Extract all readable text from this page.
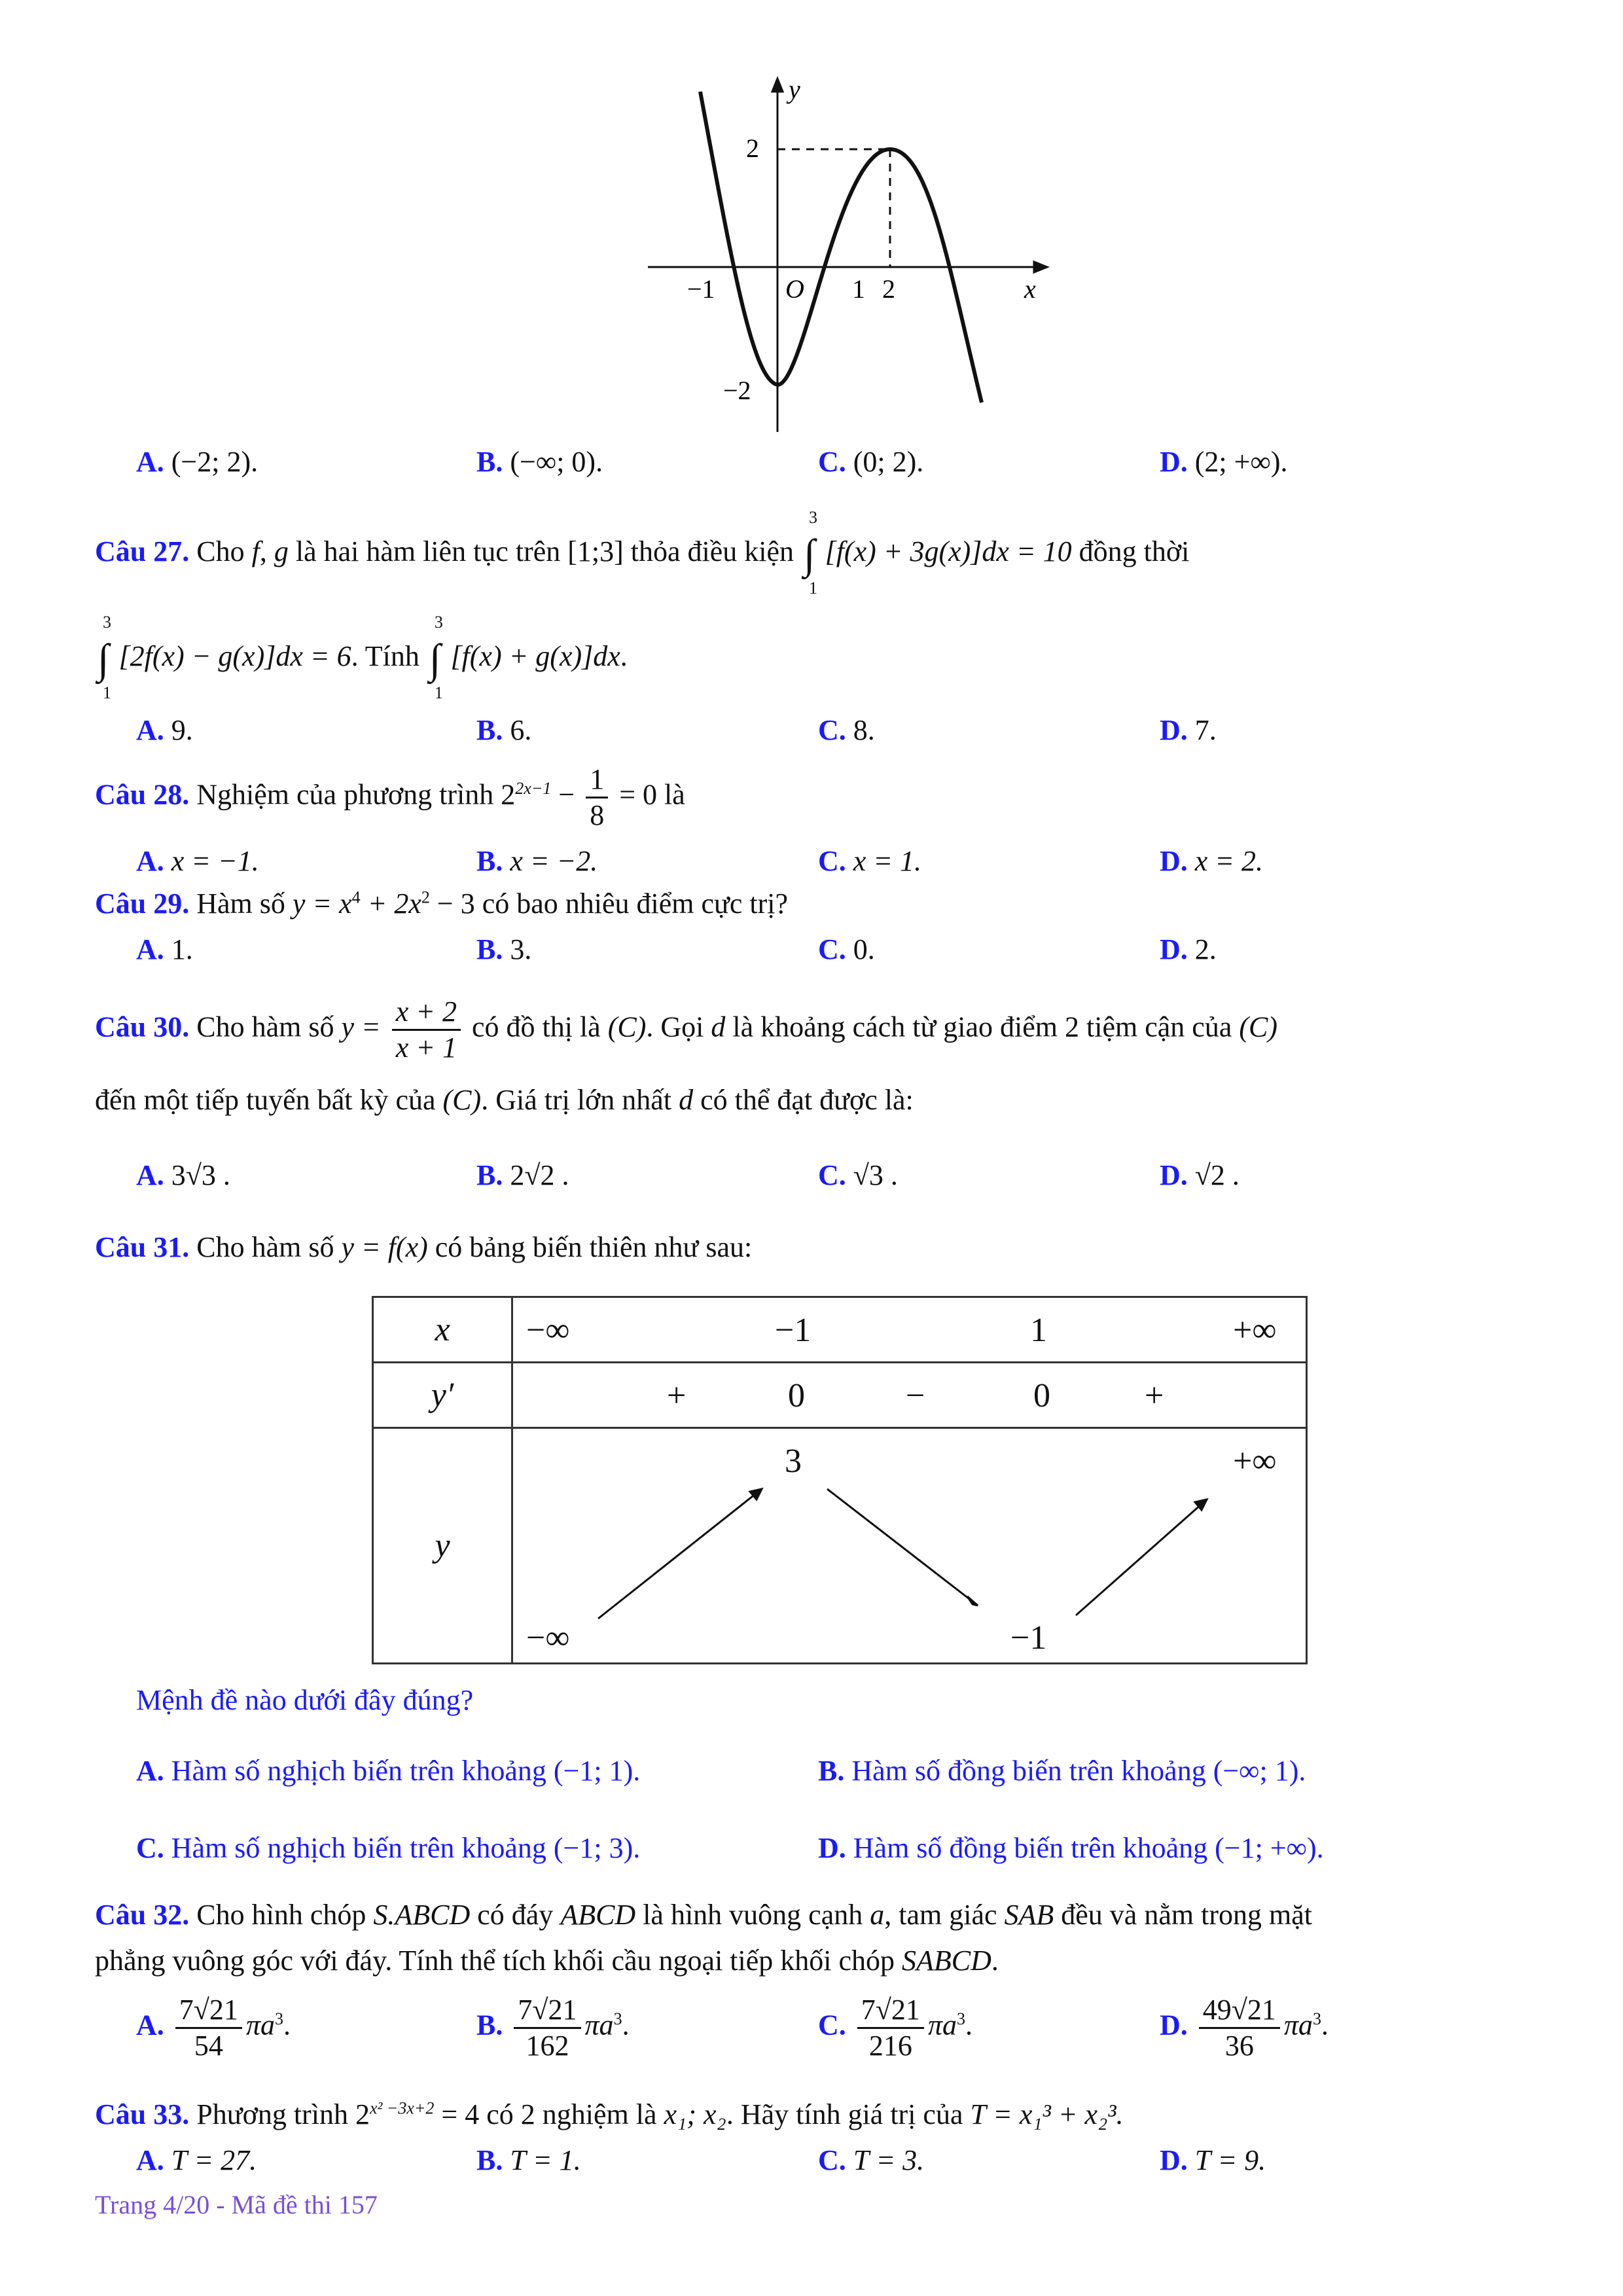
y
x
O
2
−2
−1	1 2
A. (−2; 2).	B. (−∞; 0).	C. (0; 2).	D. (2; +∞).
Câu 27. Cho f, g là hai hàm liên tục trên [1;3] thỏa điều kiện ∫
3
1
[f(x) + 3g(x)]dx = 10 đồng thời
∫
3
1
[2f(x) − g(x)]dx = 6. Tính ∫
3
1
[f(x) + g(x)]dx.
A. 9.	B. 6.	C. 8.	D. 7.
Câu 28. Nghiệm của phương trình $2^{2x-1} - \frac{1}{8} = 0$ là
A. x = −1.	B. x = −2.	C. x = 1.	D. x = 2.
Câu 29. Hàm số $y = x^4 + 2x^2 - 3$ có bao nhiêu điểm cực trị?
A. 1.	B. 3.	C. 0.	D. 2.
Câu 30. Cho hàm số $y = \frac{x + 2}{x + 1}$ có đồ thị là (C). Gọi d là khoảng cách từ giao điểm 2 tiệm cận của (C)
đến một tiếp tuyến bất kỳ của (C). Giá trị lớn nhất d có thể đạt được là:
A. 3√3 .	B. 2√2 .	C. √3 .	D. √2 .
Câu 31. Cho hàm số y = f(x) có bảng biến thiên như sau:
x	−∞ −1 1 +∞

y′	+ 0 − 0 +

y	3 +∞
−∞ −1
Mệnh đề nào dưới đây đúng?
A. Hàm số nghịch biến trên khoảng (−1; 1).	B. Hàm số đồng biến trên khoảng (−∞; 1).
C. Hàm số nghịch biến trên khoảng (−1; 3).	D. Hàm số đồng biến trên khoảng (−1; +∞).
Câu 32. Cho hình chóp S.ABCD có đáy ABCD là hình vuông cạnh a, tam giác SAB đều và nằm trong mặt
phẳng vuông góc với đáy. Tính thể tích khối cầu ngoại tiếp khối chóp SABCD.
A. $\frac{7√21}{54} \pi a^3$.	B. $\frac{7√21}{162} \pi a^3$.	C. $\frac{7√21}{216} \pi a^3$.	D. $\frac{49√21}{36} \pi a^3$.
Câu 33. Phương trình $2^{x^2 -3x+2} = 4$ có 2 nghiệm là x₁; x₂. Hãy tính giá trị của T = x₁³ + x₂³.
A. T = 27.	B. T = 1.	C. T = 3.	D. T = 9.
Trang 4/20 - Mã đề thi 157
